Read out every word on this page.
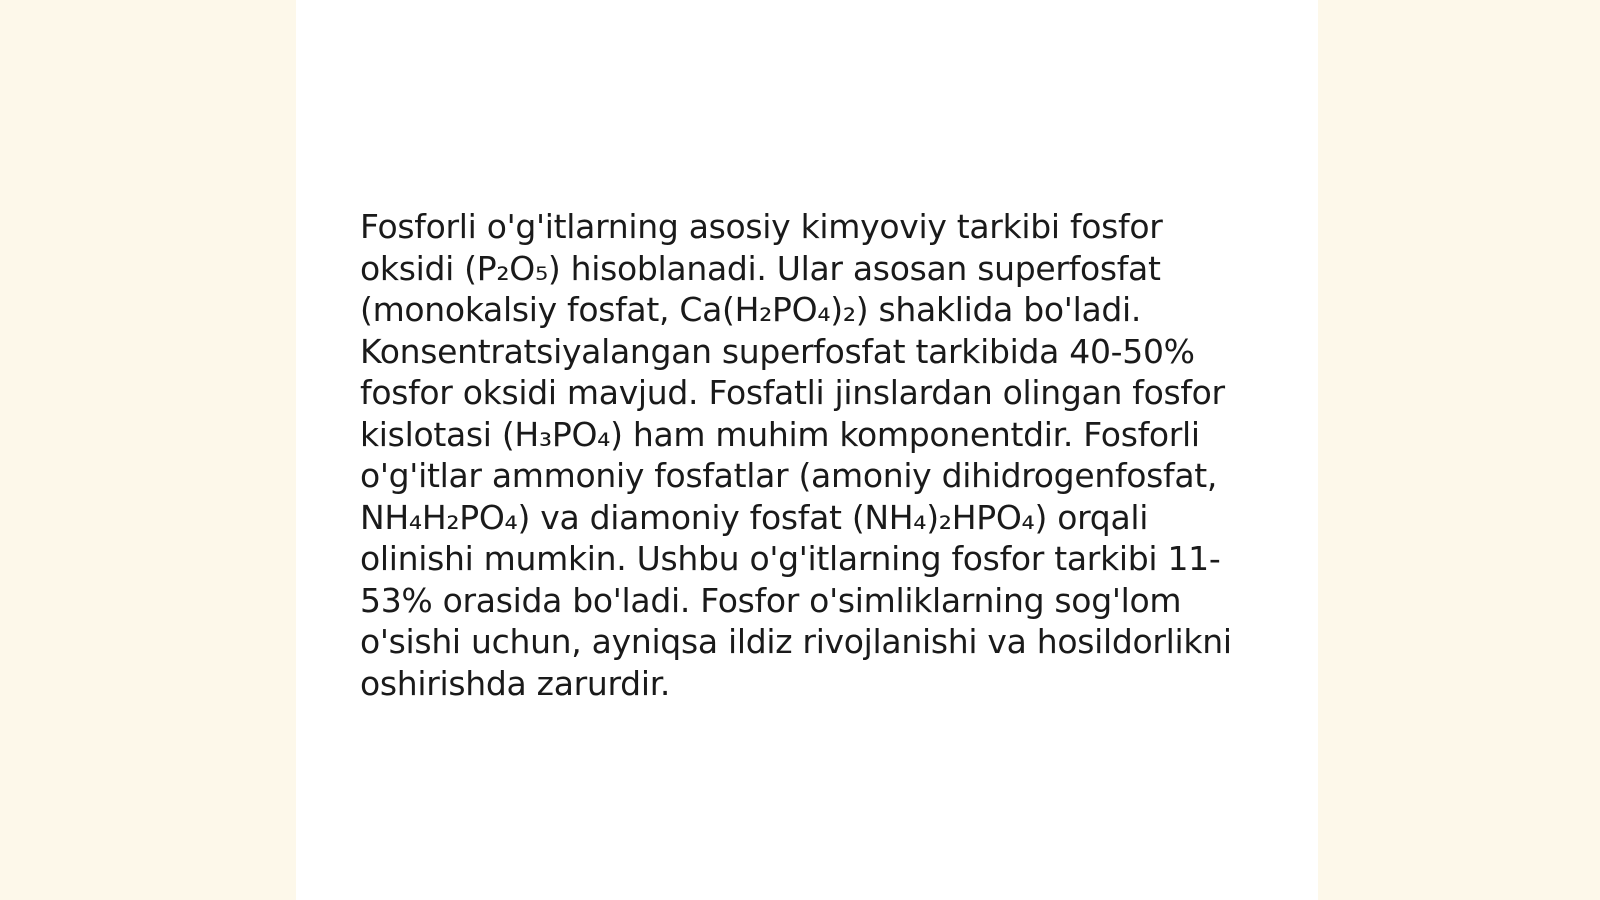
Fosforli o'g'itlarning asosiy kimyoviy tarkibi fosfor oksidi (P₂O₅) hisoblanadi. Ular asosan superfosfat (monokalsiy fosfat, Ca(H₂PO₄)₂) shaklida bo'ladi. Konsentratsiyalangan superfosfat tarkibida 40-50% fosfor oksidi mavjud. Fosfatli jinslardan olingan fosfor kislotasi (H₃PO₄) ham muhim komponentdir. Fosforli o'g'itlar ammoniy fosfatlar (amoniy dihidrogenfosfat, NH₄H₂PO₄) va diamoniy fosfat (NH₄)₂HPO₄) orqali olinishi mumkin. Ushbu o'g'itlarning fosfor tarkibi 11-53% orasida bo'ladi. Fosfor o'simliklarning sog'lom o'sishi uchun, ayniqsa ildiz rivojlanishi va hosildorlikni oshirishda zarurdir.
